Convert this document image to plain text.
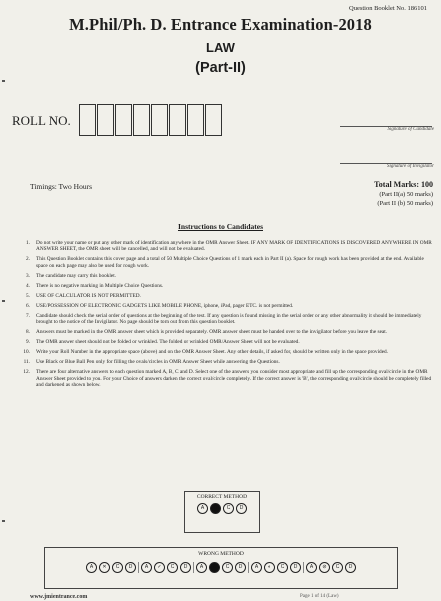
Question Booklet No. 186101
M.Phil/Ph. D. Entrance Examination-2018
LAW
(Part-II)
ROLL NO.
Signature of Candidate
Signature of Invigilator
Timings: Two Hours	Total Marks: 100
(Part II(a) 50 marks)
(Part II (b) 50 marks)
Instructions to Candidates
1.	Do not write your name or put any other mark of identification anywhere in the OMR Answer Sheet. IF ANY MARK OF IDENTIFICATIONS IS DISCOVERED ANYWHERE IN OMR ANSWER SHEET, the OMR sheet will be cancelled, and will not be evaluated.
2.	This Question Booklet contains this cover page and a total of 50 Multiple Choice Questions of 1 mark each in Part II (a). Space for rough work has been provided at the end. Available space on each page may also be used for rough work.
3.	The candidate may carry this booklet.
4.	There is no negative marking in Multiple Choice Questions.
5.	USE OF CALCULATOR IS NOT PERMITTED.
6.	USE/POSSESSION OF ELECTRONIC GADGETS LIKE MOBILE PHONE, iphone, iPad, pager ETC. is not permitted.
7.	Candidate should check the serial order of questions at the beginning of the test. If any question is found missing in the serial order or any other abnormality it should be immediately brought to the notice of the Invigilator. No page should be torn out from this question booklet.
8.	Answers must be marked in the OMR answer sheet which is provided separately. OMR answer sheet must be handed over to the invigilator before you leave the seat.
9.	The OMR answer sheet should not be folded or wrinkled. The folded or wrinkled OMR/Answer Sheet will not be evaluated.
10.	Write your Roll Number in the appropriate space (above) and on the OMR Answer Sheet. Any other details, if asked for, should be written only in the space provided.
11.	Use Black or Blue Ball Pen only for filling the ovals/circles in OMR Answer Sheet while answering the Questions.
12.	There are four alternative answers to each question marked A, B, C and D. Select one of the answers you consider most appropriate and fill up the corresponding oval/circle in the OMR Answer Sheet provided to you. For your Choice of answers darken the correct oval/circle completely. If the correct answer is 'B', the corresponding oval/circle should be completely filled and darkened as shown below.
CORRECT METHOD
A	B	C	D
WRONG METHOD
A	✕	C	D	A	✓	C	D	A	●	C	D	A	◐	C	D	A	⊘	C	D
www.jmientrance.com	Page 1 of 14 (Law)
